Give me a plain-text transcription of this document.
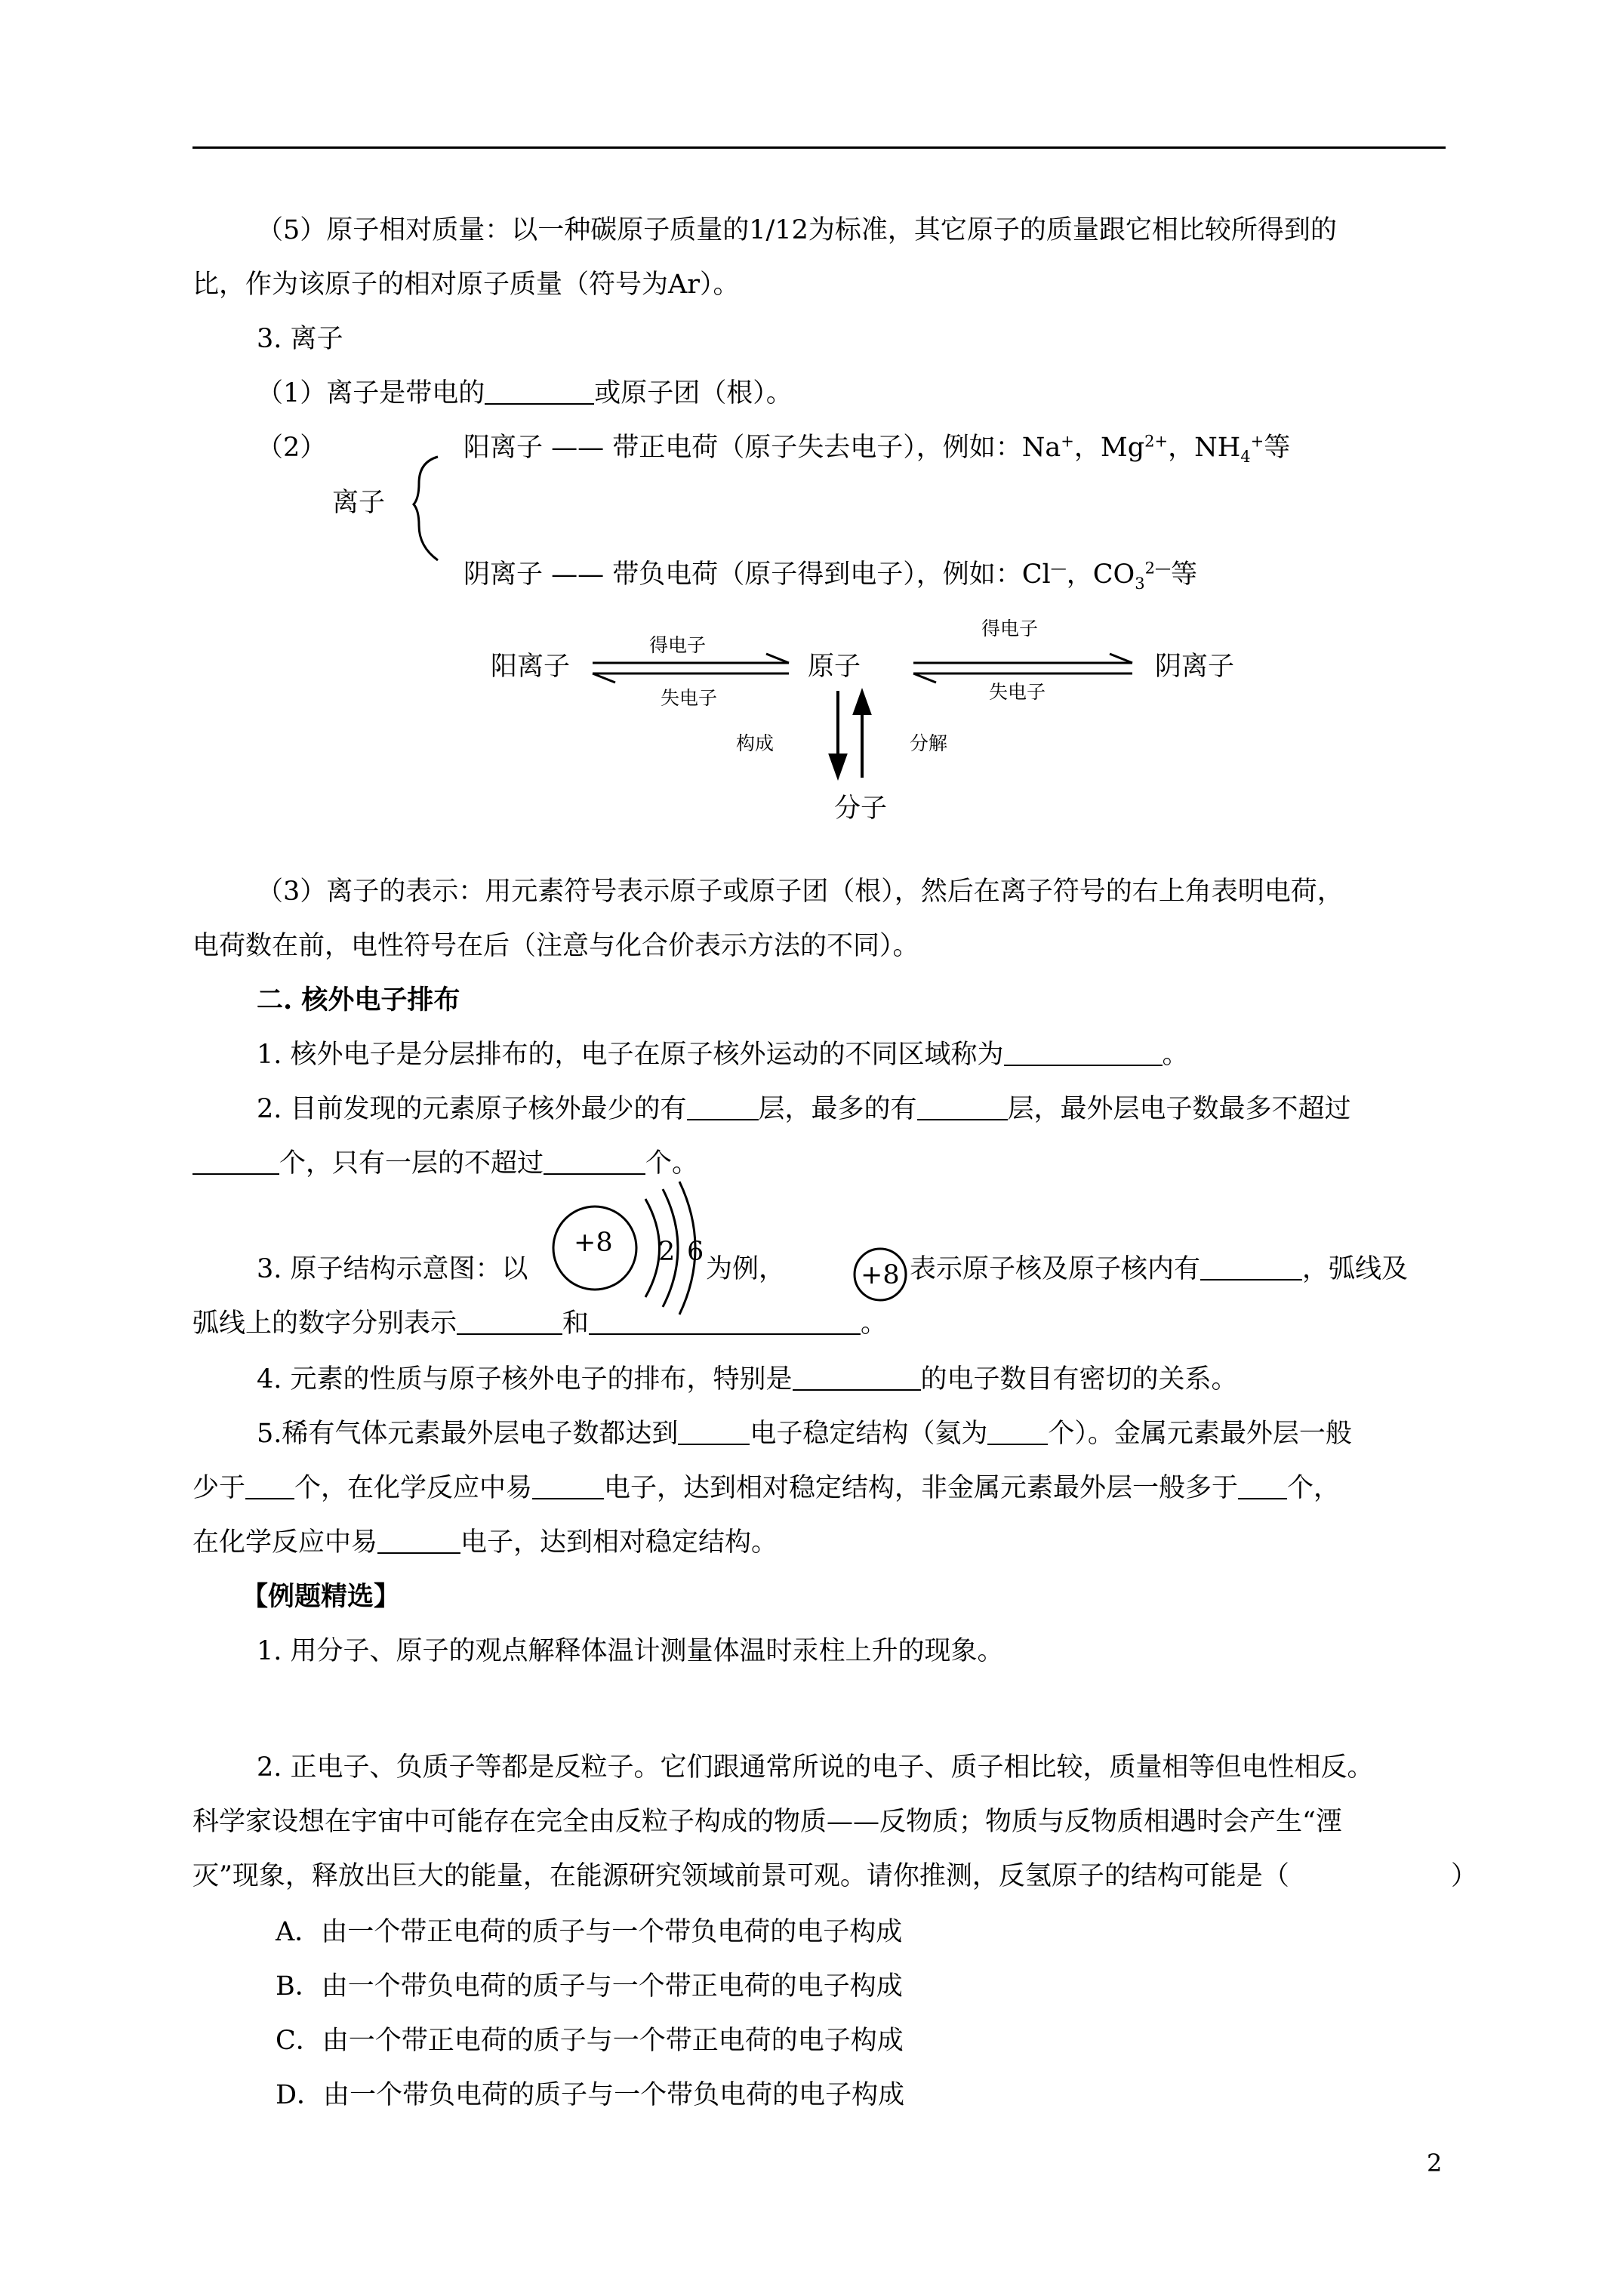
（5）原子相对质量：以一种碳原子质量的1/12为标准，其它原子的质量跟它相比较所得到的
比，作为该原子的相对原子质量（符号为Ar）。
3. 离子
（1）离子是带电的	或原子团（根）。
（2）
离子
阳离子 —— 带正电荷（原子失去电子），例如：Na+，$Mg^{2+}$，$NH_4^+$等
阴离子 —— 带负电荷（原子得到电子），例如：Cl—，$CO_3^{2—}$等
阳离子	原子	阴离子
分子
得电子
失电子
得电子
失电子
构成	分解
（3）离子的表示：用元素符号表示原子或原子团（根），然后在离子符号的右上角表明电荷，
电荷数在前，电性符号在后（注意与化合价表示方法的不同）。
二. 核外电子排布
1. 核外电子是分层排布的，电子在原子核外运动的不同区域称为	。
2. 目前发现的元素原子核外最少的有	层，最多的有	层，最外层电子数最多不超过
个，只有一层的不超过	个。
3. 原子结构示意图：以
+8 2 6
为例，	+8 表示原子核及原子核内有	，弧线及
弧线上的数字分别表示	和	。
4. 元素的性质与原子核外电子的排布，特别是	的电子数目有密切的关系。
5.稀有气体元素最外层电子数都达到	电子稳定结构（氦为 个）。金属元素最外层一般
少于 个，在化学反应中易	电子，达到相对稳定结构，非金属元素最外层一般多于 个，
在化学反应中易	电子，达到相对稳定结构。
【例题精选】
1. 用分子、原子的观点解释体温计测量体温时汞柱上升的现象。
2. 正电子、负质子等都是反粒子。它们跟通常所说的电子、质子相比较，质量相等但电性相反。
科学家设想在宇宙中可能存在完全由反粒子构成的物质——反物质；物质与反物质相遇时会产生“湮
灭”现象，释放出巨大的能量，在能源研究领域前景可观。请你推测，反氢原子的结构可能是（	）
A．由一个带正电荷的质子与一个带负电荷的电子构成
B．由一个带负电荷的质子与一个带正电荷的电子构成
C．由一个带正电荷的质子与一个带正电荷的电子构成
D．由一个带负电荷的质子与一个带负电荷的电子构成
2
